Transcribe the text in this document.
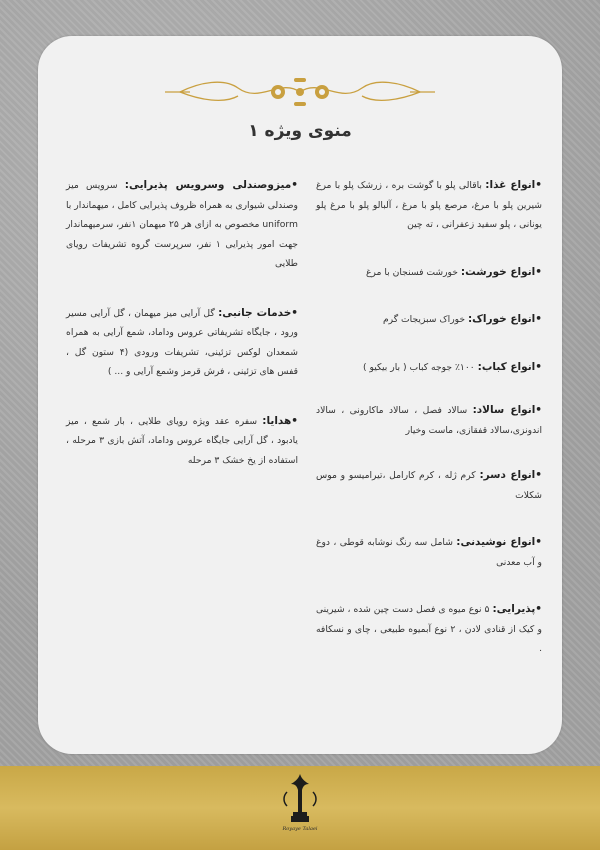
منوی ویژه ۱

•انواع غذا: باقالی پلو با گوشت بره ، زرشک پلو با مرغ شیرین پلو با مرغ، مرصع پلو با مرغ ، آلبالو پلو با مرغ پلو یونانی ، پلو سفید زعفرانی ، ته چین

•انواع خورشت: خورشت فسنجان با مرغ

•انواع خوراک: خوراک سبزیجات گرم

•انواع کباب: ۱۰۰٪ جوجه کباب ( بار بیکیو )

•انواع سالاد: سالاد فصل ، سالاد ماکارونی ، سالاد اندونزی،سالاد قفقازی، ماست وخیار

•انواع دسر: کرم ژله ، کرم کارامل ،تیرامیسو و موس شکلات

•انواع نوشیدنی: شامل سه رنگ نوشابه قوطی ، دوغ و آب معدنی

•پذیرایی: ۵ نوع میوه ی فصل دست چین شده ، شیرینی و کیک از قنادی لادن ، ۲ نوع آبمیوه طبیعی ، چای و نسکافه .

•میزوصندلی وسرویس پذیرایی: سرویس میز وصندلی شیواری به همراه ظروف پذیرایی کامل ، میهماندار با uniform مخصوص به ازای هر ۲۵ میهمان ۱نفر، سرمیهماندار جهت امور پذیرایی ۱ نفر، سرپرست گروه تشریفات رویای طلایی

•خدمات جانبی: گل آرایی میز میهمان ، گل آرایی مسیر ورود ، جایگاه تشریفاتی عروس وداماد، شمع آرایی به همراه شمعدان لوکس تزئینی، تشریفات ورودی (۴ ستون گل ، قفس های تزئینی ، فرش قرمز وشمع آرایی و ... )

•هدایا: سفره عقد ویژه رویای طلایی ، بار شمع ، میز یادبود ، گل آرایی جایگاه عروس وداماد، آتش بازی ۳ مرحله ، استفاده از یخ خشک ۳ مرحله

Royaye Talaei
